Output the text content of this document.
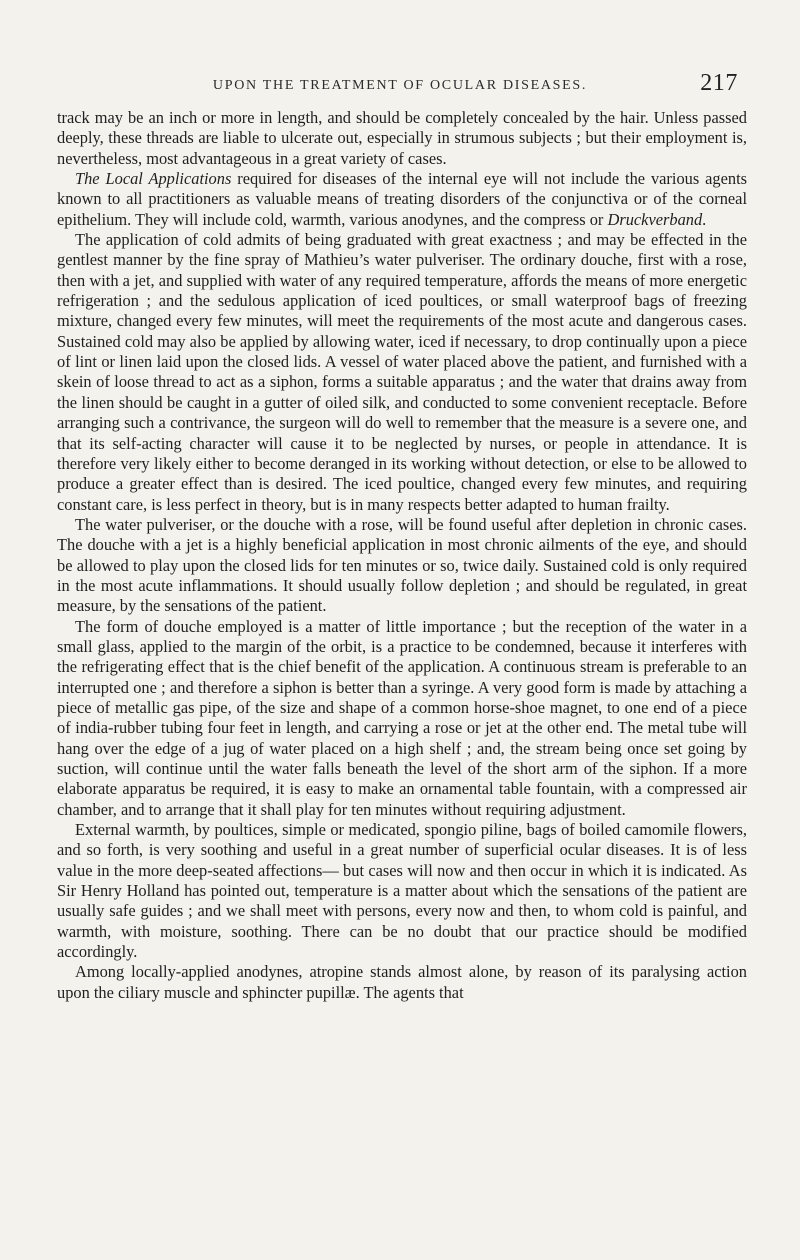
UPON THE TREATMENT OF OCULAR DISEASES.	217

track may be an inch or more in length, and should be completely concealed by the hair. Unless passed deeply, these threads are liable to ulcerate out, especially in strumous subjects ; but their employment is, nevertheless, most advantageous in a great variety of cases.

The Local Applications required for diseases of the internal eye will not include the various agents known to all practitioners as valuable means of treating disorders of the conjunctiva or of the corneal epithelium. They will include cold, warmth, various anodynes, and the compress or Druckverband.

The application of cold admits of being graduated with great exactness ; and may be effected in the gentlest manner by the fine spray of Mathieu’s water pulveriser. The ordinary douche, first with a rose, then with a jet, and supplied with water of any required temperature, affords the means of more energetic refrigeration ; and the sedulous application of iced poultices, or small waterproof bags of freezing mixture, changed every few minutes, will meet the requirements of the most acute and dangerous cases. Sustained cold may also be applied by allowing water, iced if necessary, to drop continually upon a piece of lint or linen laid upon the closed lids. A vessel of water placed above the patient, and furnished with a skein of loose thread to act as a siphon, forms a suitable apparatus ; and the water that drains away from the linen should be caught in a gutter of oiled silk, and conducted to some convenient receptacle. Before arranging such a contrivance, the surgeon will do well to remember that the measure is a severe one, and that its self-acting character will cause it to be neglected by nurses, or people in attendance. It is therefore very likely either to become deranged in its working without detection, or else to be allowed to produce a greater effect than is desired. The iced poultice, changed every few minutes, and requiring constant care, is less perfect in theory, but is in many respects better adapted to human frailty.

The water pulveriser, or the douche with a rose, will be found useful after depletion in chronic cases. The douche with a jet is a highly beneficial application in most chronic ailments of the eye, and should be allowed to play upon the closed lids for ten minutes or so, twice daily. Sustained cold is only required in the most acute inflammations. It should usually follow depletion ; and should be regulated, in great measure, by the sensations of the patient.

The form of douche employed is a matter of little importance ; but the reception of the water in a small glass, applied to the margin of the orbit, is a practice to be condemned, because it interferes with the refrigerating effect that is the chief benefit of the application. A continuous stream is preferable to an interrupted one ; and therefore a siphon is better than a syringe. A very good form is made by attaching a piece of metallic gas pipe, of the size and shape of a common horse-shoe magnet, to one end of a piece of india-rubber tubing four feet in length, and carrying a rose or jet at the other end. The metal tube will hang over the edge of a jug of water placed on a high shelf ; and, the stream being once set going by suction, will continue until the water falls beneath the level of the short arm of the siphon. If a more elaborate apparatus be required, it is easy to make an ornamental table fountain, with a compressed air chamber, and to arrange that it shall play for ten minutes without requiring adjustment.

External warmth, by poultices, simple or medicated, spongio piline, bags of boiled camomile flowers, and so forth, is very soothing and useful in a great number of superficial ocular diseases. It is of less value in the more deep-seated affections— but cases will now and then occur in which it is indicated. As Sir Henry Holland has pointed out, temperature is a matter about which the sensations of the patient are usually safe guides ; and we shall meet with persons, every now and then, to whom cold is painful, and warmth, with moisture, soothing. There can be no doubt that our practice should be modified accordingly.

Among locally-applied anodynes, atropine stands almost alone, by reason of its paralysing action upon the ciliary muscle and sphincter pupillæ. The agents that
